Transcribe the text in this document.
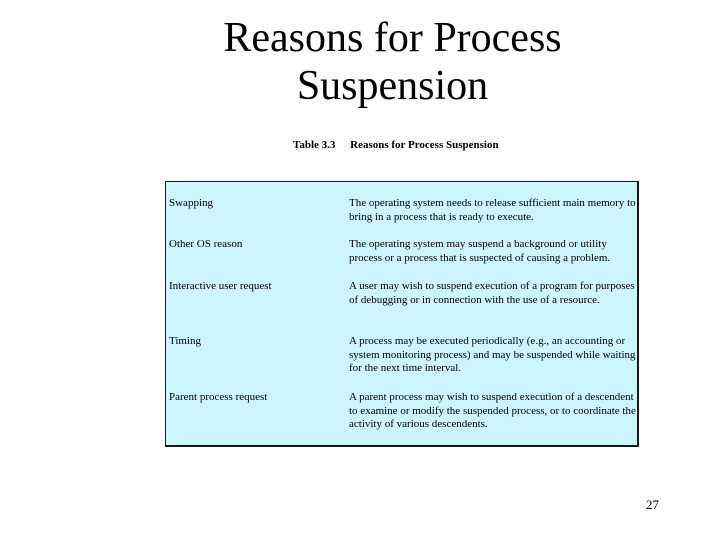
Reasons for Process
Suspension
Table 3.3 Reasons for Process Suspension
Swapping	The operating system needs to release sufficient main memory to bring in a process that is ready to execute.
Other OS reason	The operating system may suspend a background or utility process or a process that is suspected of causing a problem.
Interactive user request	A user may wish to suspend execution of a program for purposes of debugging or in connection with the use of a resource.
Timing	A process may be executed periodically (e.g., an accounting or system monitoring process) and may be suspended while waiting for the next time interval.
Parent process request	A parent process may wish to suspend execution of a descendent to examine or modify the suspended process, or to coordinate the activity of various descendents.
27
